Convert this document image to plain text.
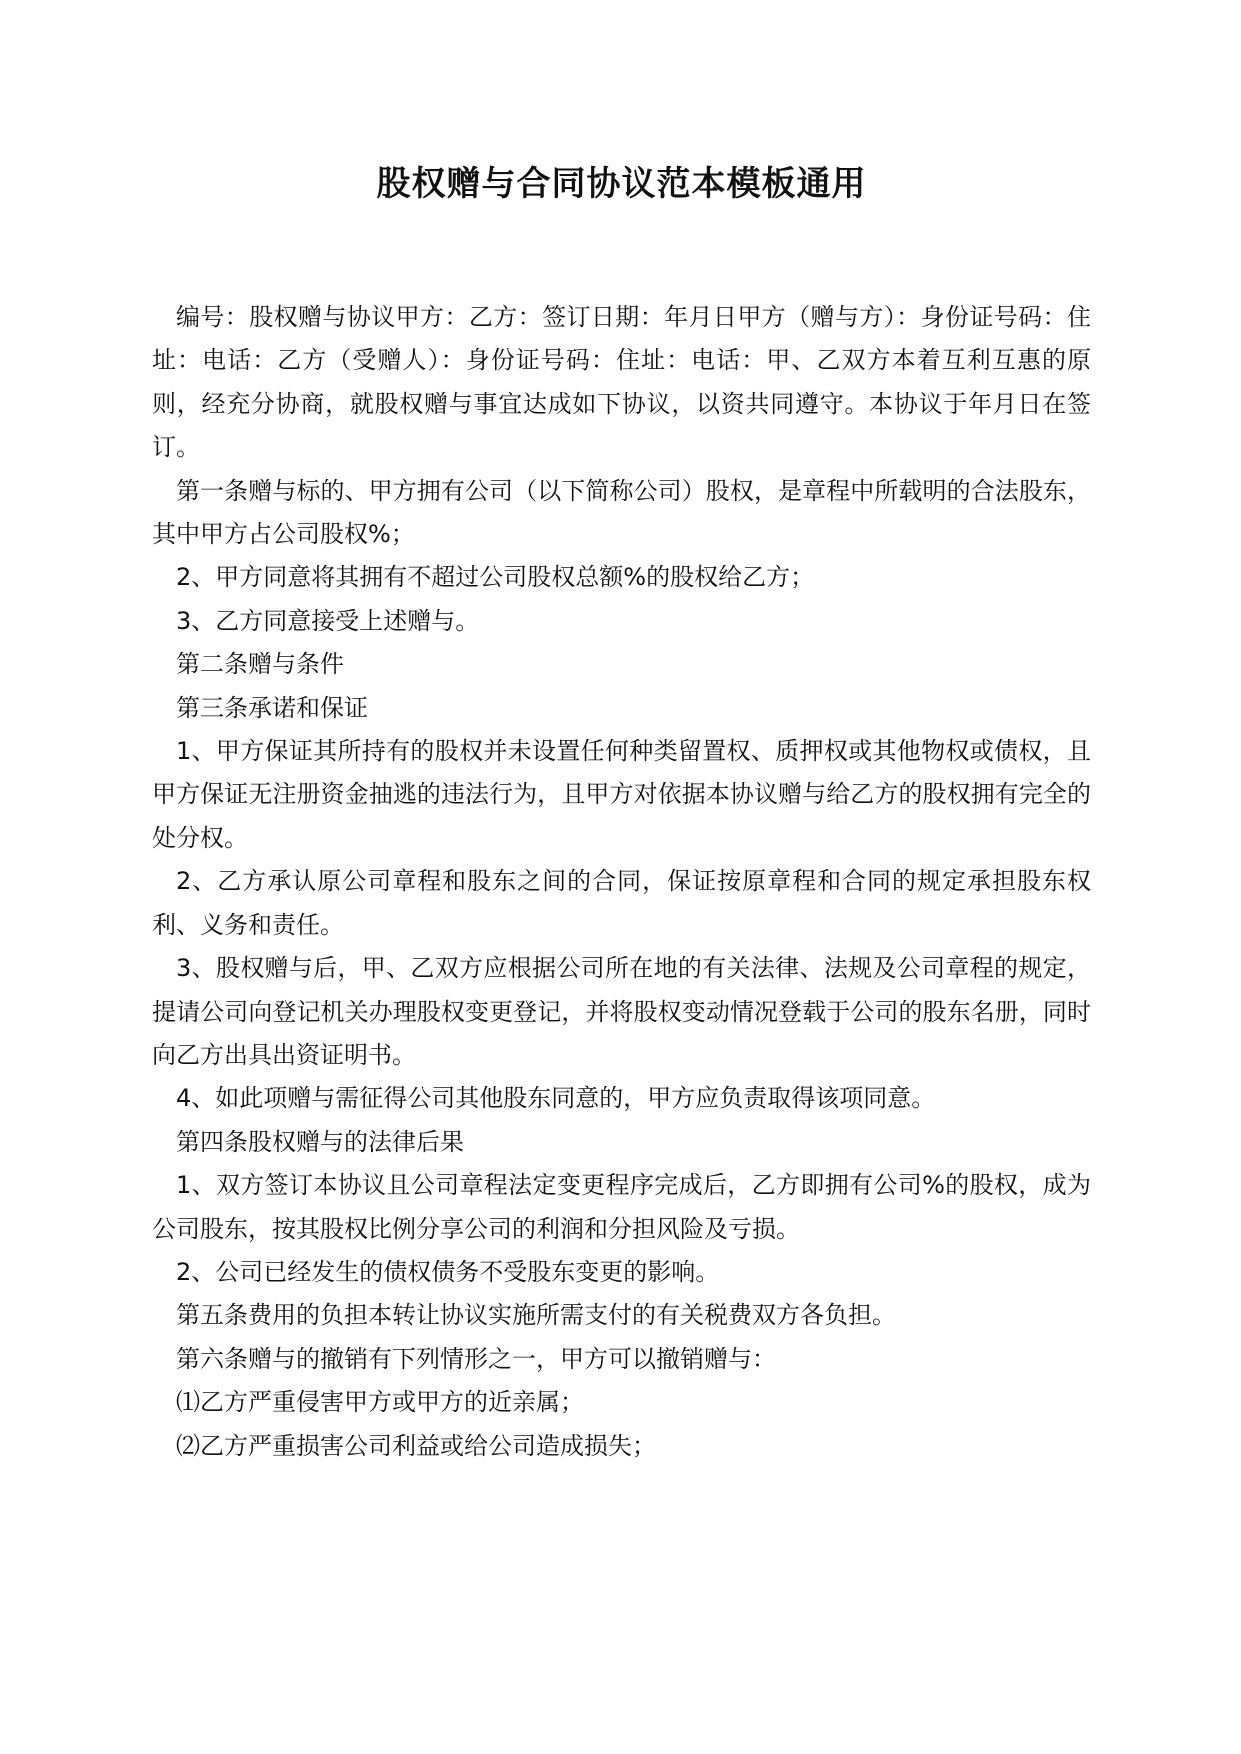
股权赠与合同协议范本模板通用

编号：股权赠与协议甲方：乙方：签订日期：年月日甲方（赠与方）：身份证号码：住址：电话：乙方（受赠人）：身份证号码：住址：电话：甲、乙双方本着互利互惠的原则，经充分协商，就股权赠与事宜达成如下协议，以资共同遵守。本协议于年月日在签订。

第一条赠与标的、甲方拥有公司（以下简称公司）股权，是章程中所载明的合法股东，其中甲方占公司股权%；

2、甲方同意将其拥有不超过公司股权总额%的股权给乙方；

3、乙方同意接受上述赠与。

第二条赠与条件

第三条承诺和保证

1、甲方保证其所持有的股权并未设置任何种类留置权、质押权或其他物权或债权，且甲方保证无注册资金抽逃的违法行为，且甲方对依据本协议赠与给乙方的股权拥有完全的处分权。

2、乙方承认原公司章程和股东之间的合同，保证按原章程和合同的规定承担股东权利、义务和责任。

3、股权赠与后，甲、乙双方应根据公司所在地的有关法律、法规及公司章程的规定，提请公司向登记机关办理股权变更登记，并将股权变动情况登载于公司的股东名册，同时向乙方出具出资证明书。

4、如此项赠与需征得公司其他股东同意的，甲方应负责取得该项同意。

第四条股权赠与的法律后果

1、双方签订本协议且公司章程法定变更程序完成后，乙方即拥有公司%的股权，成为公司股东，按其股权比例分享公司的利润和分担风险及亏损。

2、公司已经发生的债权债务不受股东变更的影响。

第五条费用的负担本转让协议实施所需支付的有关税费双方各负担。

第六条赠与的撤销有下列情形之一，甲方可以撤销赠与：

⑴乙方严重侵害甲方或甲方的近亲属；

⑵乙方严重损害公司利益或给公司造成损失；
